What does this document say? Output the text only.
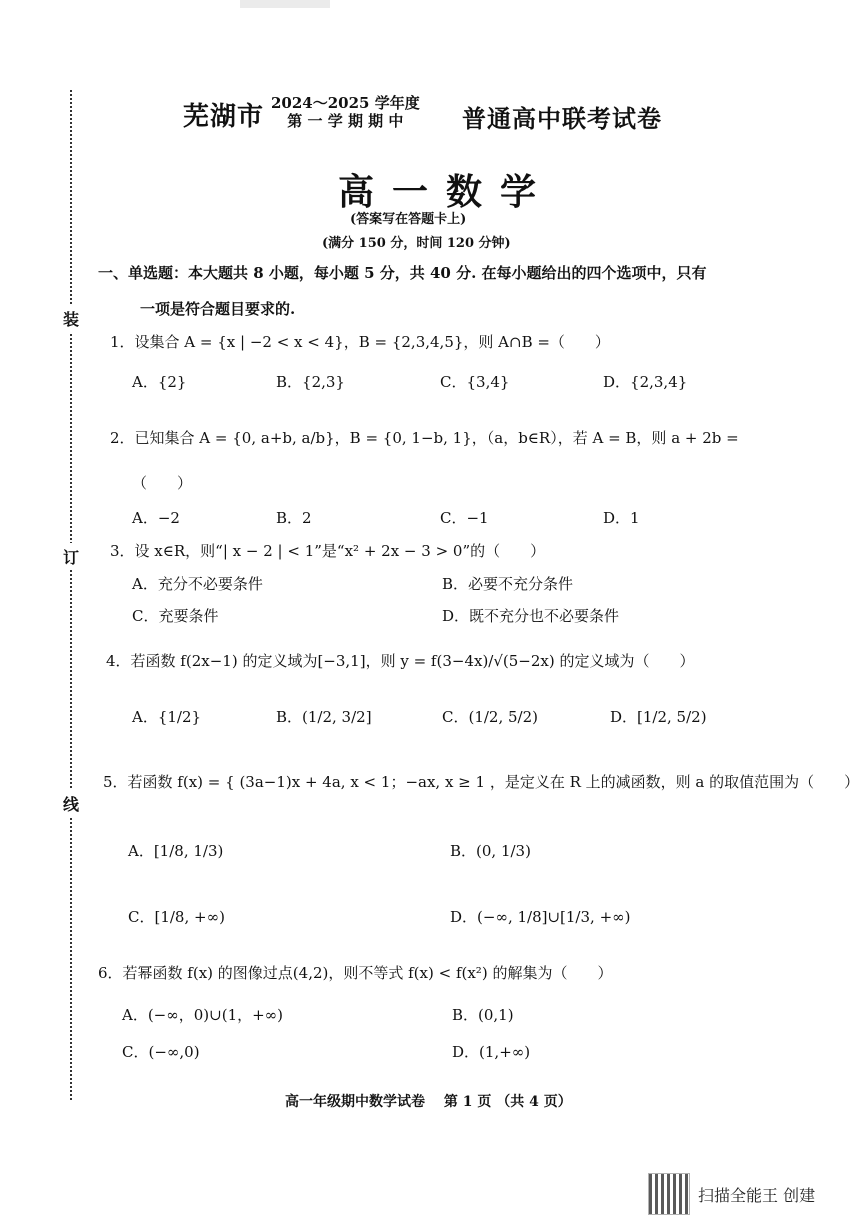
装
订
线
芜湖市 2024～2025 学年度
第 一 学 期 期 中	普通高中联考试卷
高一数学
(答案写在答题卡上)
(满分 150 分，时间 120 分钟)
一、单选题：本大题共 8 小题，每小题 5 分，共 40 分. 在每小题给出的四个选项中，只有
一项是符合题目要求的.
1．设集合 A = {x | −2 < x < 4}，B = {2,3,4,5}，则 A∩B =（　　）
A．{2}	B．{2,3}	C．{3,4}	D．{2,3,4}
2．已知集合 A = {0, a+b, a/b}，B = {0, 1−b, 1}，（a，b∈R），若 A = B，则 a + 2b =
（　　）
A．−2	B．2	C．−1	D．1
3．设 x∈R，则“| x − 2 | < 1”是“x² + 2x − 3 > 0”的（　　）
A．充分不必要条件	B．必要不充分条件
C．充要条件	D．既不充分也不必要条件
4．若函数 f(2x−1) 的定义域为[−3,1]，则 y = f(3−4x)/√(5−2x) 的定义域为（　　）
A．{1/2}	B．(1/2, 3/2]	C．(1/2, 5/2)	D．[1/2, 5/2)
5．若函数 f(x) = { (3a−1)x + 4a, x < 1；−ax, x ≥ 1 ，是定义在 R 上的减函数，则 a 的取值范围为（　　）
A．[1/8, 1/3)	B．(0, 1/3)
C．[1/8, +∞)	D．(−∞, 1/8]∪[1/3, +∞)
6．若幂函数 f(x) 的图像过点(4,2)，则不等式 f(x) < f(x²) 的解集为（　　）
A．(−∞，0)∪(1，+∞)	B．(0,1)
C．(−∞,0)	D．(1,+∞)
高一年级期中数学试卷　 第 1 页 （共 4 页）
扫描全能王 创建
